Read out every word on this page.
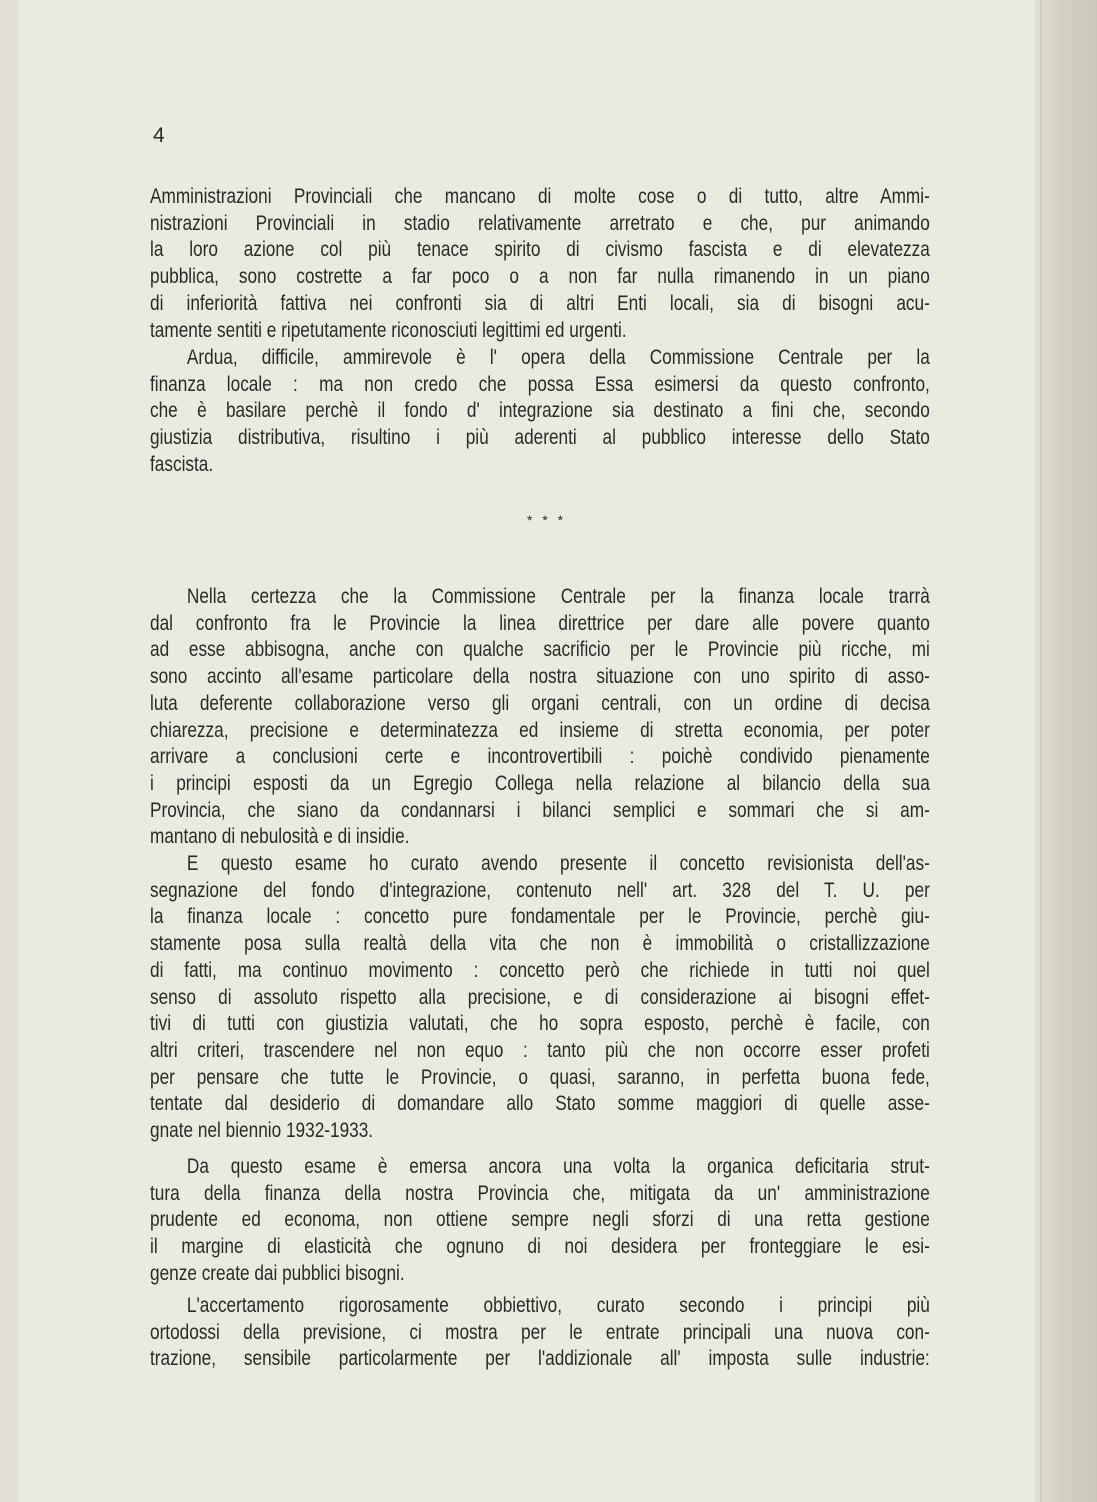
4
* * *
Amministrazioni Provinciali che mancano di molte cose o di tutto, altre Ammi-
nistrazioni Provinciali in stadio relativamente arretrato e che, pur animando
la loro azione col più tenace spirito di civismo fascista e di elevatezza
pubblica, sono costrette a far poco o a non far nulla rimanendo in un piano
di inferiorità fattiva nei confronti sia di altri Enti locali, sia di bisogni acu-
tamente sentiti e ripetutamente riconosciuti legittimi ed urgenti.
Ardua, difficile, ammirevole è l' opera della Commissione Centrale per la
finanza locale : ma non credo che possa Essa esimersi da questo confronto,
che è basilare perchè il fondo d' integrazione sia destinato a fini che, secondo
giustizia distributiva, risultino i più aderenti al pubblico interesse dello Stato
fascista.
Nella certezza che la Commissione Centrale per la finanza locale trarrà
dal confronto fra le Provincie la linea direttrice per dare alle povere quanto
ad esse abbisogna, anche con qualche sacrificio per le Provincie più ricche, mi
sono accinto all'esame particolare della nostra situazione con uno spirito di asso-
luta deferente collaborazione verso gli organi centrali, con un ordine di decisa
chiarezza, precisione e determinatezza ed insieme di stretta economia, per poter
arrivare a conclusioni certe e incontrovertibili : poichè condivido pienamente
i principi esposti da un Egregio Collega nella relazione al bilancio della sua
Provincia, che siano da condannarsi i bilanci semplici e sommari che si am-
mantano di nebulosità e di insidie.
E questo esame ho curato avendo presente il concetto revisionista dell'as-
segnazione del fondo d'integrazione, contenuto nell' art. 328 del T. U. per
la finanza locale : concetto pure fondamentale per le Provincie, perchè giu-
stamente posa sulla realtà della vita che non è immobilità o cristallizzazione
di fatti, ma continuo movimento : concetto però che richiede in tutti noi quel
senso di assoluto rispetto alla precisione, e di considerazione ai bisogni effet-
tivi di tutti con giustizia valutati, che ho sopra esposto, perchè è facile, con
altri criteri, trascendere nel non equo : tanto più che non occorre esser profeti
per pensare che tutte le Provincie, o quasi, saranno, in perfetta buona fede,
tentate dal desiderio di domandare allo Stato somme maggiori di quelle asse-
gnate nel biennio 1932-1933.
Da questo esame è emersa ancora una volta la organica deficitaria strut-
tura della finanza della nostra Provincia che, mitigata da un' amministrazione
prudente ed economa, non ottiene sempre negli sforzi di una retta gestione
il margine di elasticità che ognuno di noi desidera per fronteggiare le esi-
genze create dai pubblici bisogni.
L'accertamento rigorosamente obbiettivo, curato secondo i principi più
ortodossi della previsione, ci mostra per le entrate principali una nuova con-
trazione, sensibile particolarmente per l'addizionale all' imposta sulle industrie:
